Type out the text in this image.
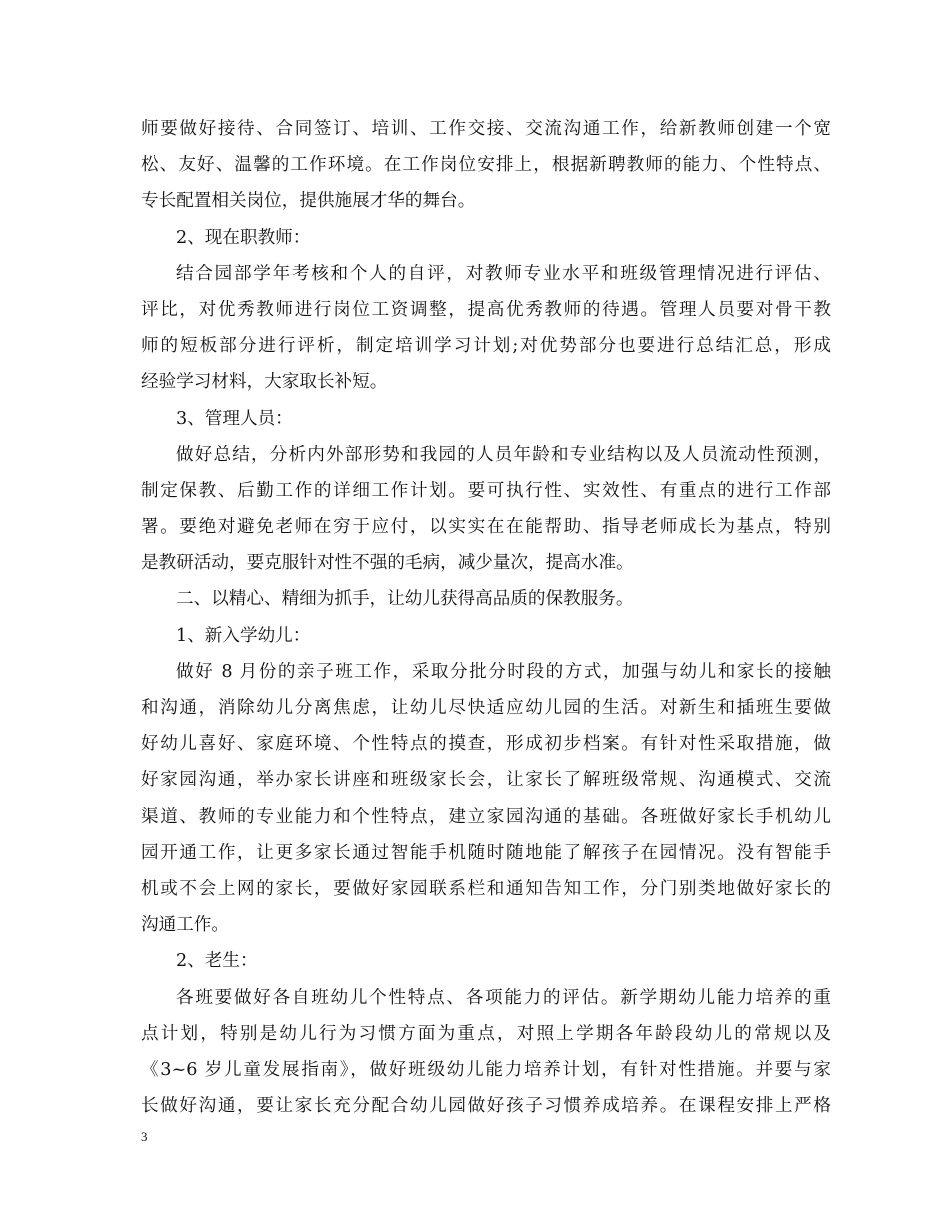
师要做好接待、合同签订、培训、工作交接、交流沟通工作，给新教师创建一个宽
松、友好、温馨的工作环境。在工作岗位安排上，根据新聘教师的能力、个性特点、
专长配置相关岗位，提供施展才华的舞台。
2、现在职教师：
结合园部学年考核和个人的自评，对教师专业水平和班级管理情况进行评估、
评比，对优秀教师进行岗位工资调整，提高优秀教师的待遇。管理人员要对骨干教
师的短板部分进行评析，制定培训学习计划;对优势部分也要进行总结汇总，形成
经验学习材料，大家取长补短。
3、管理人员：
做好总结，分析内外部形势和我园的人员年龄和专业结构以及人员流动性预测，
制定保教、后勤工作的详细工作计划。要可执行性、实效性、有重点的进行工作部
署。要绝对避免老师在穷于应付，以实实在在能帮助、指导老师成长为基点，特别
是教研活动，要克服针对性不强的毛病，减少量次，提高水准。
二、以精心、精细为抓手，让幼儿获得高品质的保教服务。
1、新入学幼儿：
做好 8 月份的亲子班工作，采取分批分时段的方式，加强与幼儿和家长的接触
和沟通，消除幼儿分离焦虑，让幼儿尽快适应幼儿园的生活。对新生和插班生要做
好幼儿喜好、家庭环境、个性特点的摸查，形成初步档案。有针对性采取措施，做
好家园沟通，举办家长讲座和班级家长会，让家长了解班级常规、沟通模式、交流
渠道、教师的专业能力和个性特点，建立家园沟通的基础。各班做好家长手机幼儿
园开通工作，让更多家长通过智能手机随时随地能了解孩子在园情况。没有智能手
机或不会上网的家长，要做好家园联系栏和通知告知工作，分门别类地做好家长的
沟通工作。
2、老生：
各班要做好各自班幼儿个性特点、各项能力的评估。新学期幼儿能力培养的重
点计划，特别是幼儿行为习惯方面为重点，对照上学期各年龄段幼儿的常规以及
《3~6 岁儿童发展指南》，做好班级幼儿能力培养计划，有针对性措施。并要与家
长做好沟通，要让家长充分配合幼儿园做好孩子习惯养成培养。在课程安排上严格
3
